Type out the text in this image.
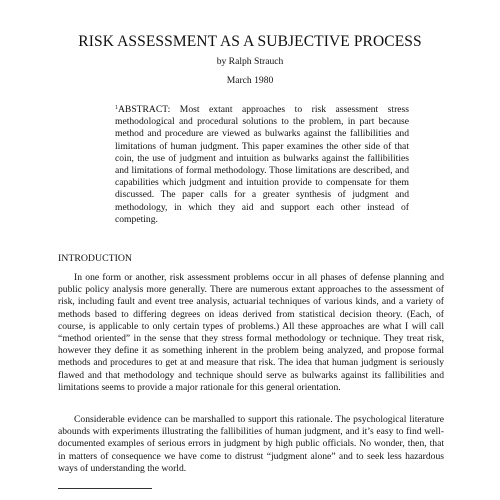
RISK ASSESSMENT AS A SUBJECTIVE PROCESS
by Ralph Strauch
March 1980
$^1$ABSTRACT: Most extant approaches to risk assessment stress methodological and procedural solutions to the problem, in part because method and procedure are viewed as bulwarks against the fallibilities and limitations of human judgment. This paper examines the other side of that coin, the use of judgment and intuition as bulwarks against the fallibilities and limitations of formal methodology. Those limitations are described, and capabilities which judgment and intuition provide to compensate for them discussed. The paper calls for a greater synthesis of judgment and methodology, in which they aid and support each other instead of competing.
INTRODUCTION

In one form or another, risk assessment problems occur in all phases of defense planning and public policy analysis more generally. There are numerous extant approaches to the assessment of risk, including fault and event tree analysis, actuarial techniques of various kinds, and a variety of methods based to differing degrees on ideas derived from statistical decision theory. (Each, of course, is applicable to only certain types of problems.) All these approaches are what I will call “method oriented” in the sense that they stress formal methodology or technique. They treat risk, however they define it as something inherent in the problem being analyzed, and propose formal methods and procedures to get at and measure that risk. The idea that human judgment is seriously flawed and that methodology and technique should serve as bulwarks against its fallibilities and limitations seems to provide a major rationale for this general orientation.

Considerable evidence can be marshalled to support this rationale. The psychological literature abounds with experiments illustrating the fallibilities of human judgment, and it’s easy to find well-documented examples of serious errors in judgment by high public officials. No wonder, then, that in matters of consequence we have come to distrust “judgment alone” and to seek less hazardous ways of understanding the world.
